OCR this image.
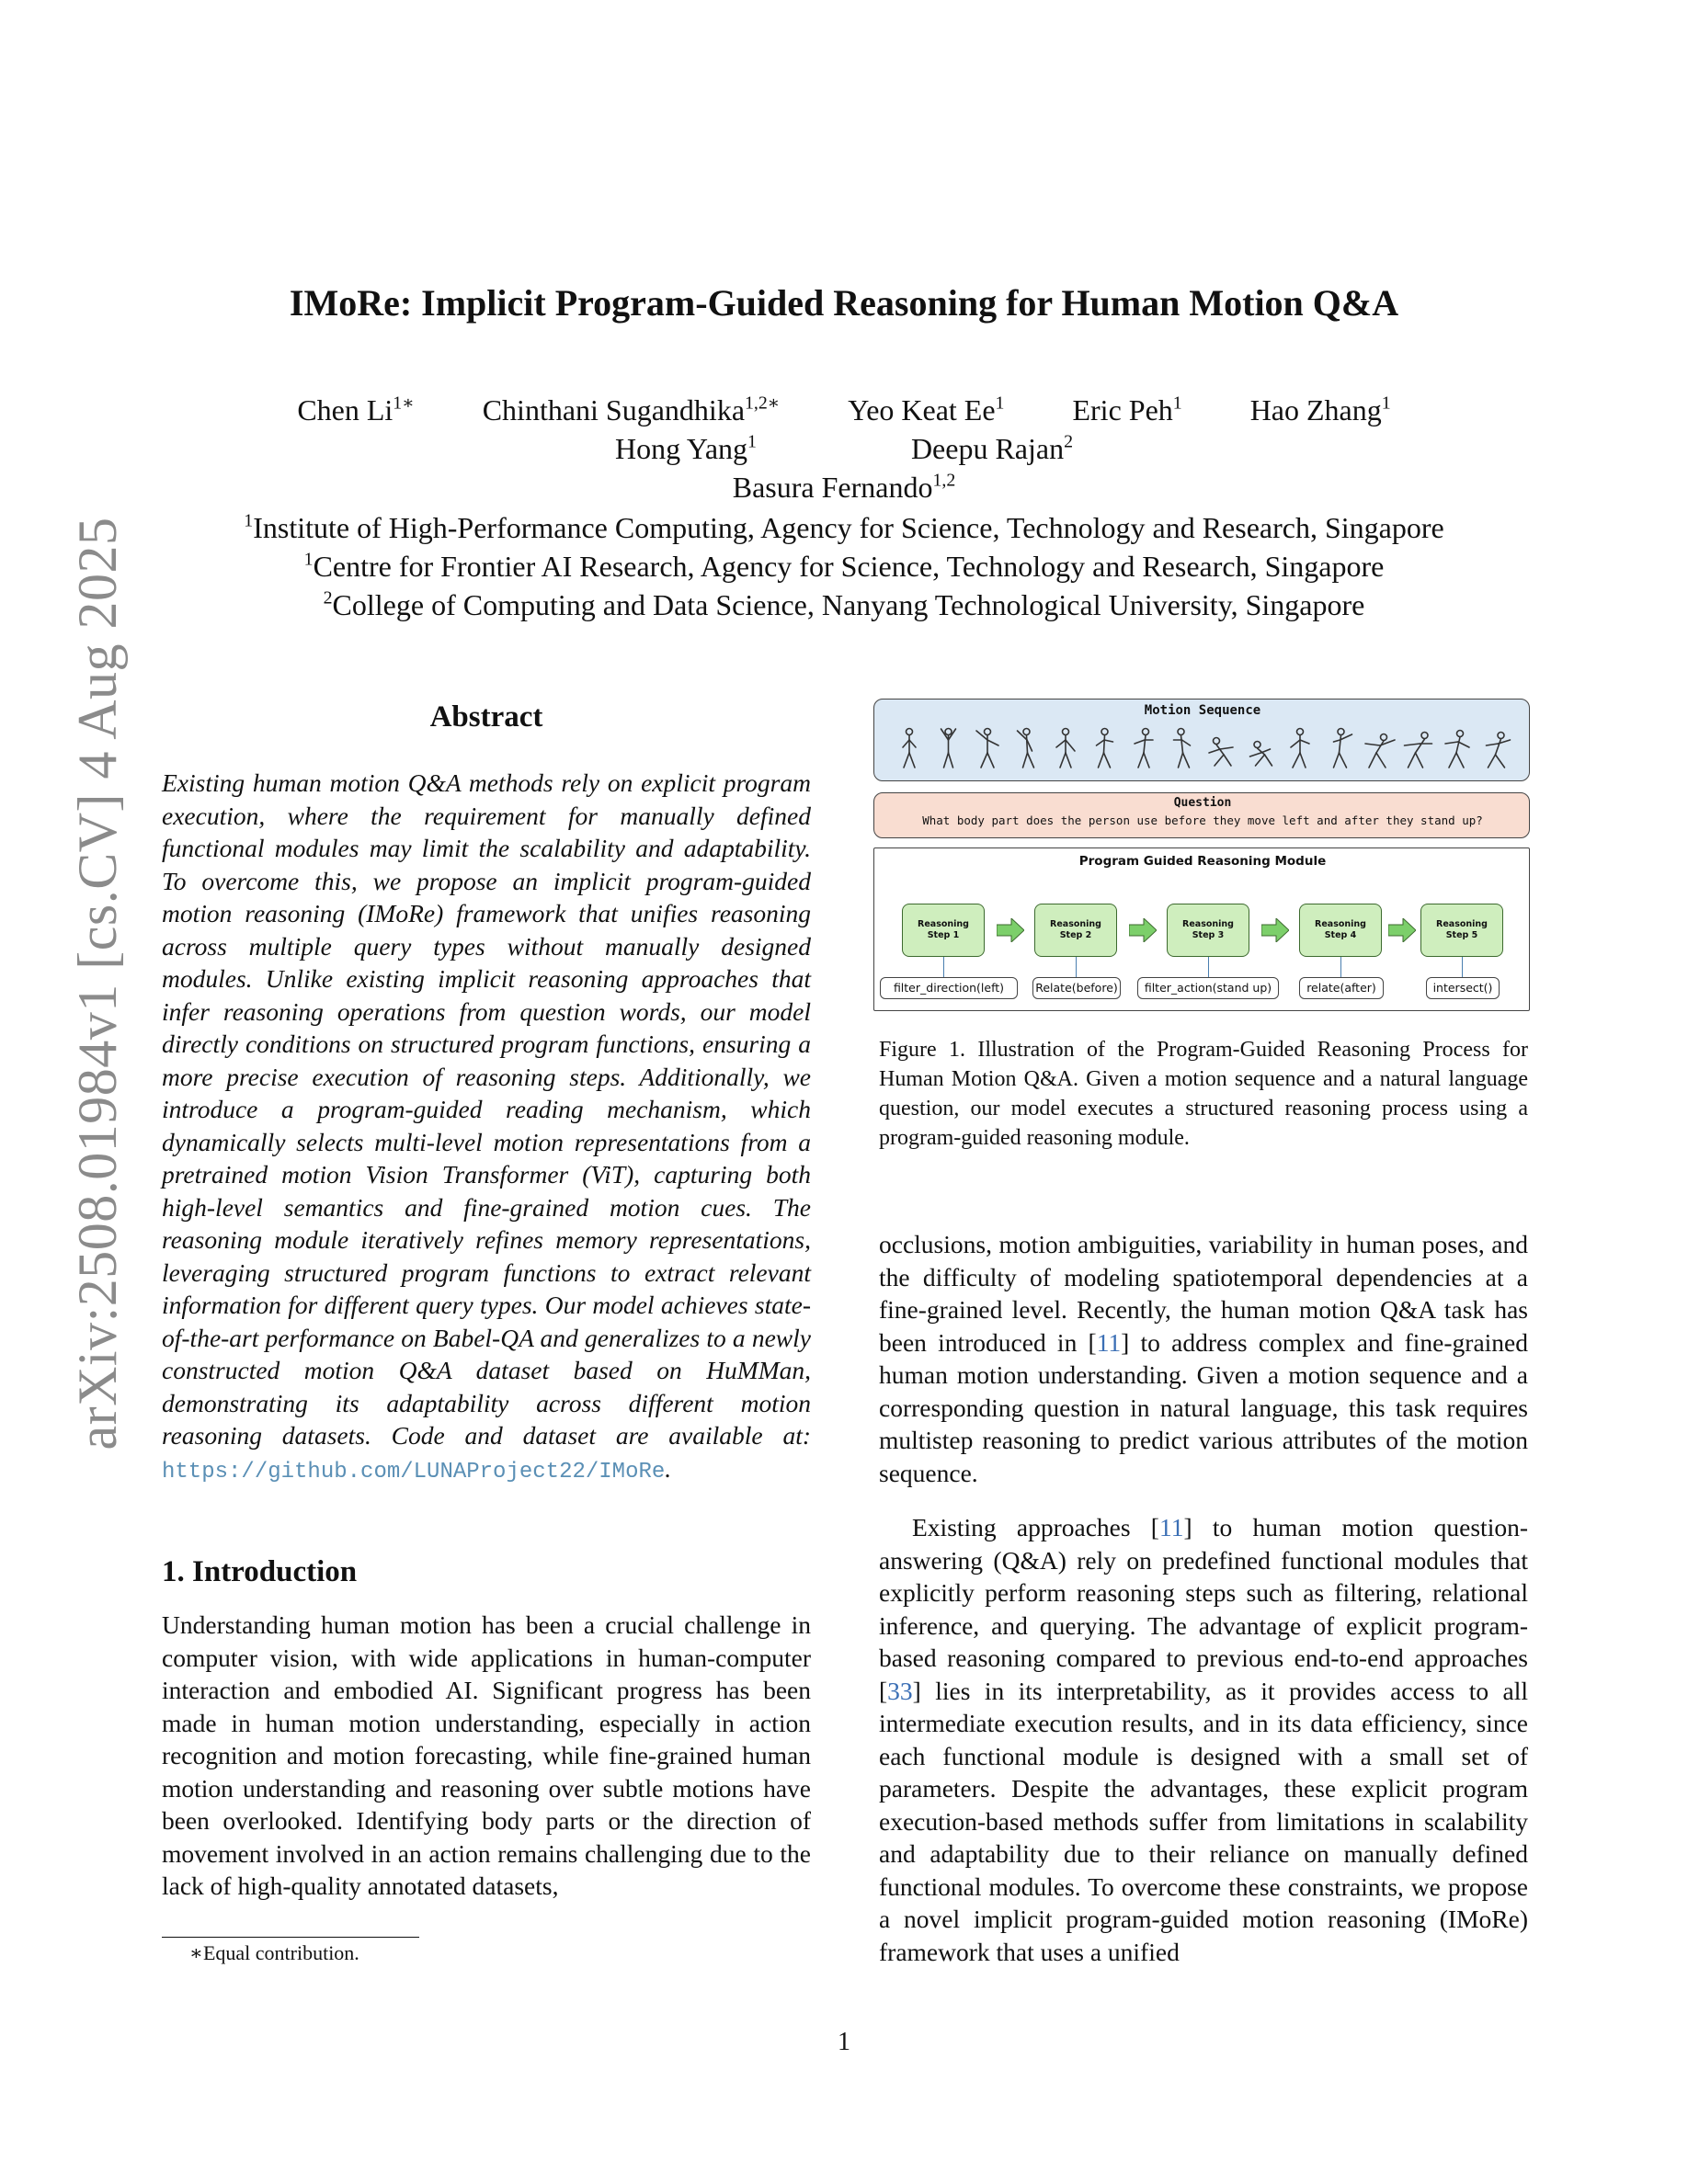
arXiv:2508.01984v1 [cs.CV] 4 Aug 2025
IMoRe: Implicit Program-Guided Reasoning for Human Motion Q&A
Chen $Li^{1∗}$ Chinthani Sugandhika$^{1,2∗}$ Yeo Keat Ee$^1$ Eric Peh$^1$ Hao Zhang$^1$
Hong Yang$^1$	Deepu Rajan$^2$
Basura Fernando$^{1,2}$
$^1$Institute of High-Performance Computing, Agency for Science, Technology and Research, Singapore
$^1$Centre for Frontier AI Research, Agency for Science, Technology and Research, Singapore
$^2$College of Computing and Data Science, Nanyang Technological University, Singapore
Abstract
Existing human motion Q&A methods rely on explicit program execution, where the requirement for manually defined functional modules may limit the scalability and adaptability. To overcome this, we propose an implicit program-guided motion reasoning (IMoRe) framework that unifies reasoning across multiple query types without manually designed modules. Unlike existing implicit reasoning approaches that infer reasoning operations from question words, our model directly conditions on structured program functions, ensuring a more precise execution of reasoning steps. Additionally, we introduce a program-guided reading mechanism, which dynamically selects multi-level motion representations from a pretrained motion Vision Transformer (ViT), capturing both high-level semantics and fine-grained motion cues. The reasoning module iteratively refines memory representations, leveraging structured program functions to extract relevant information for different query types. Our model achieves state-of-the-art performance on Babel-QA and generalizes to a newly constructed motion Q&A dataset based on HuMMan, demonstrating its adaptability across different motion reasoning datasets. Code and dataset are available at: https://github.com/LUNAProject22/IMoRe.
1. Introduction
Understanding human motion has been a crucial challenge in computer vision, with wide applications in human-computer interaction and embodied AI. Significant progress has been made in human motion understanding, especially in action recognition and motion forecasting, while fine-grained human motion understanding and reasoning over subtle motions have been overlooked. Identifying body parts or the direction of movement involved in an action remains challenging due to the lack of high-quality annotated datasets,
∗Equal contribution.
Motion Sequence
Question
What body part does the person use before they move left and after they stand up?
Program Guided Reasoning Module
Reasoning
Step 1
Reasoning
Step 2
Reasoning
Step 3
Reasoning
Step 4
Reasoning
Step 5
filter_direction(left)	Relate(before)	filter_action(stand up)	relate(after)	intersect()
Figure 1. Illustration of the Program-Guided Reasoning Process for Human Motion Q&A. Given a motion sequence and a natural language question, our model executes a structured reasoning process using a program-guided reasoning module.
occlusions, motion ambiguities, variability in human poses, and the difficulty of modeling spatiotemporal dependencies at a fine-grained level. Recently, the human motion Q&A task has been introduced in [11] to address complex and fine-grained human motion understanding. Given a motion sequence and a corresponding question in natural language, this task requires multistep reasoning to predict various attributes of the motion sequence.
Existing approaches [11] to human motion question-answering (Q&A) rely on predefined functional modules that explicitly perform reasoning steps such as filtering, relational inference, and querying. The advantage of explicit program-based reasoning compared to previous end-to-end approaches [33] lies in its interpretability, as it provides access to all intermediate execution results, and in its data efficiency, since each functional module is designed with a small set of parameters. Despite the advantages, these explicit program execution-based methods suffer from limitations in scalability and adaptability due to their reliance on manually defined functional modules. To overcome these constraints, we propose a novel implicit program-guided motion reasoning (IMoRe) framework that uses a unified
1
